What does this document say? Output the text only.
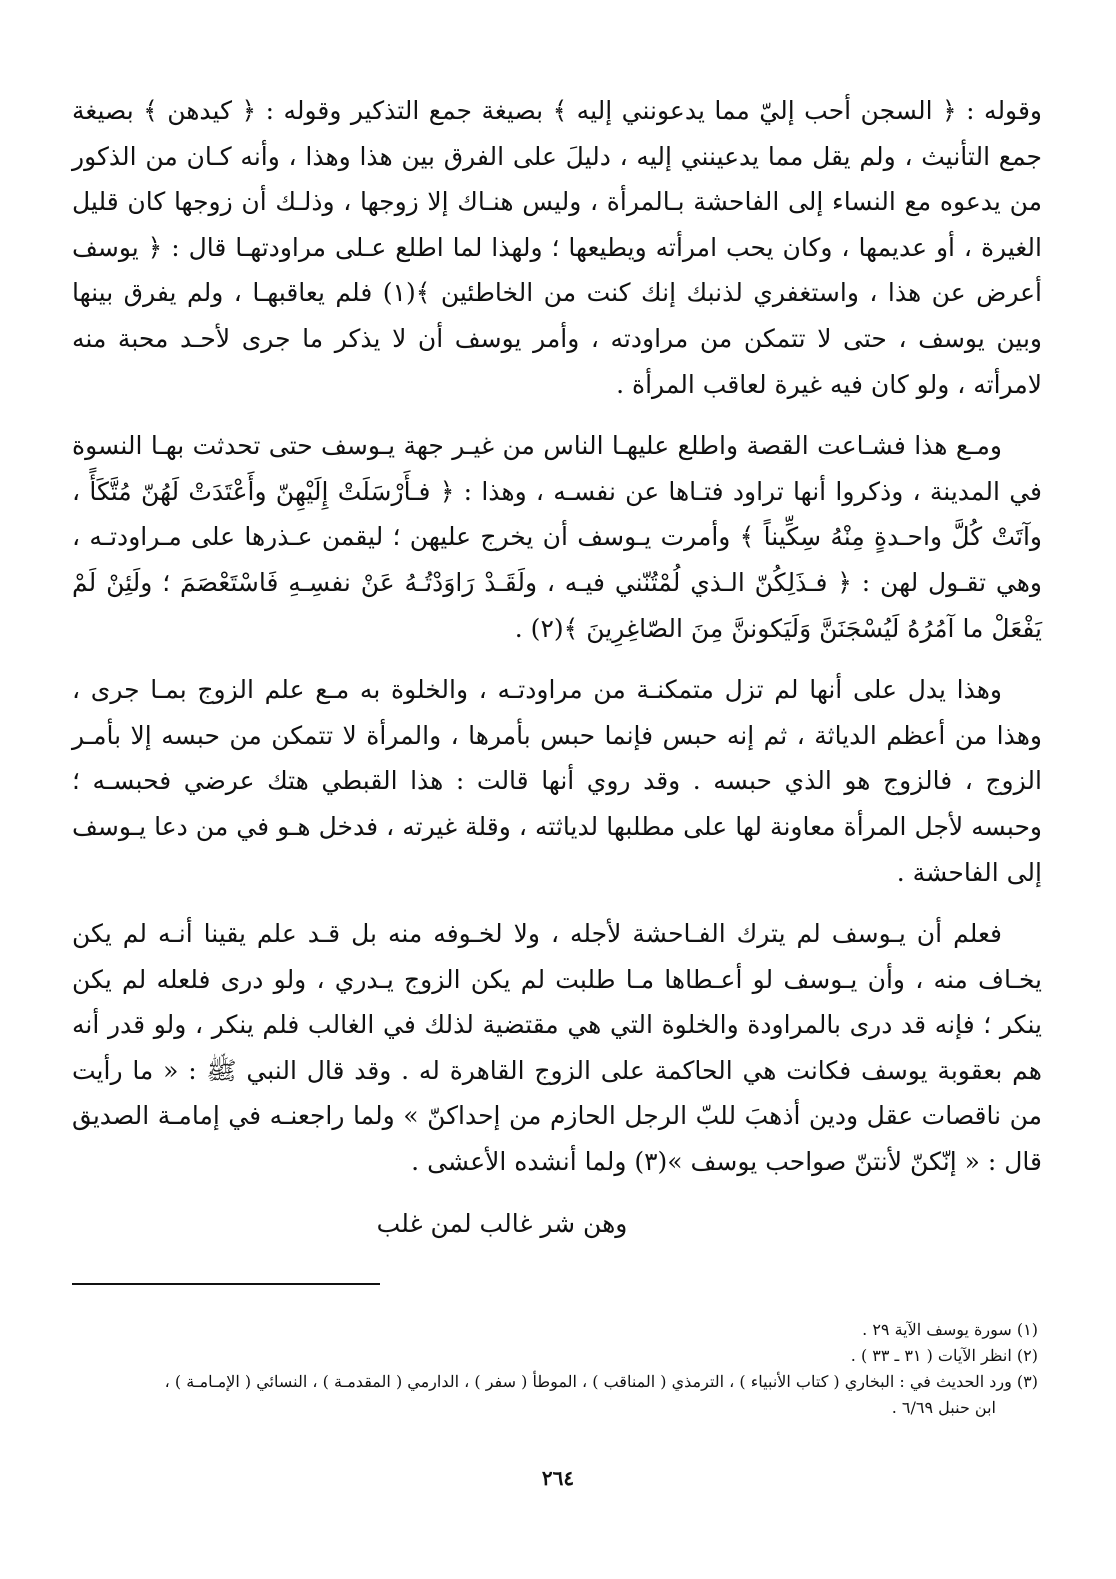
وقوله : ﴿ السجن أحب إليّ مما يدعونني إليه ﴾ بصيغة جمع التذكير وقوله : ﴿ كيدهن ﴾ بصيغة جمع التأنيث ، ولم يقل مما يدعينني إليه ، دليلَ على الفرق بين هذا وهذا ، وأنه كـان من الذكور من يدعوه مع النساء إلى الفاحشة بـالمرأة ، وليس هنـاك إلا زوجها ، وذلـك أن زوجها كان قليل الغيرة ، أو عديمها ، وكان يحب امرأته ويطيعها ؛ ولهذا لما اطلع عـلى مراودتهـا قال : ﴿ يوسف أعرض عن هذا ، واستغفري لذنبك إنك كنت من الخاطئين ﴾(١) فلم يعاقبهـا ، ولم يفرق بينها وبين يوسف ، حتى لا تتمكن من مراودته ، وأمر يوسف أن لا يذكر ما جرى لأحـد محبة منه لامرأته ، ولو كان فيه غيرة لعاقب المرأة .

ومـع هذا فشـاعت القصة واطلع عليهـا الناس من غيـر جهة يـوسف حتى تحدثت بهـا النسوة في المدينة ، وذكروا أنها تراود فتـاها عن نفسـه ، وهذا : ﴿ فـأَرْسَلَتْ إِلَيْهِنّ وأَعْتَدَتْ لَهُنّ مُتَّكَأً ، وآتَتْ كُلَّ واحـدةٍ مِنْهُ سِكِّيناً ﴾ وأمرت يـوسف أن يخرج عليهن ؛ ليقمن عـذرها على مـراودتـه ، وهي تقـول لهن : ﴿ فـذَلِكُنّ الـذي لُمْتُنّني فيـه ، ولَقَـدْ رَاوَدْتُـهُ عَنْ نفسِـهِ فَاسْتَعْصَمَ ؛ ولَئِنْ لَمْ يَفْعَلْ ما آمُرُهُ لَيُسْجَنَنَّ وَلَيَكوننَّ مِنَ الصّاغِرِينَ ﴾(٢) .

وهذا يدل على أنها لم تزل متمكنـة من مراودتـه ، والخلوة به مـع علم الزوج بمـا جرى ، وهذا من أعظم الدياثة ، ثم إنه حبس فإنما حبس بأمرها ، والمرأة لا تتمكن من حبسه إلا بأمـر الزوج ، فالزوج هو الذي حبسه . وقد روي أنها قالت : هذا القبطي هتك عرضي فحبسـه ؛ وحبسه لأجل المرأة معاونة لها على مطلبها لدياثته ، وقلة غيرته ، فدخل هـو في من دعا يـوسف إلى الفاحشة .

فعلم أن يـوسف لم يترك الفـاحشة لأجله ، ولا لخـوفه منه بل قـد علم يقينا أنـه لم يكن يخـاف منه ، وأن يـوسف لو أعـطاها مـا طلبت لم يكن الزوج يـدري ، ولو درى فلعله لم يكن ينكر ؛ فإنه قد درى بالمراودة والخلوة التي هي مقتضية لذلك في الغالب فلم ينكر ، ولو قدر أنه هم بعقوبة يوسف فكانت هي الحاكمة على الزوج القاهرة له . وقد قال النبي ﷺ : « ما رأيت من ناقصات عقل ودين أذهبَ للبّ الرجل الحازم من إحداكنّ » ولما راجعنـه في إمامـة الصديق قال : « إنّكنّ لأنتنّ صواحب يوسف »(٣) ولما أنشده الأعشى .

وهن شر غالب لمن غلب

(١) سورة يوسف الآية ٢٩ .

(٢) انظر الآيات ( ٣١ ـ ٣٣ ) .

(٣) ورد الحديث في : البخاري ( كتاب الأنبياء ) ، الترمذي ( المناقب ) ، الموطأ ( سفر ) ، الدارمي ( المقدمـة ) ، النسائي ( الإمـامـة ) ،

ابن حنبل ٦/٦٩ .

٢٦٤
